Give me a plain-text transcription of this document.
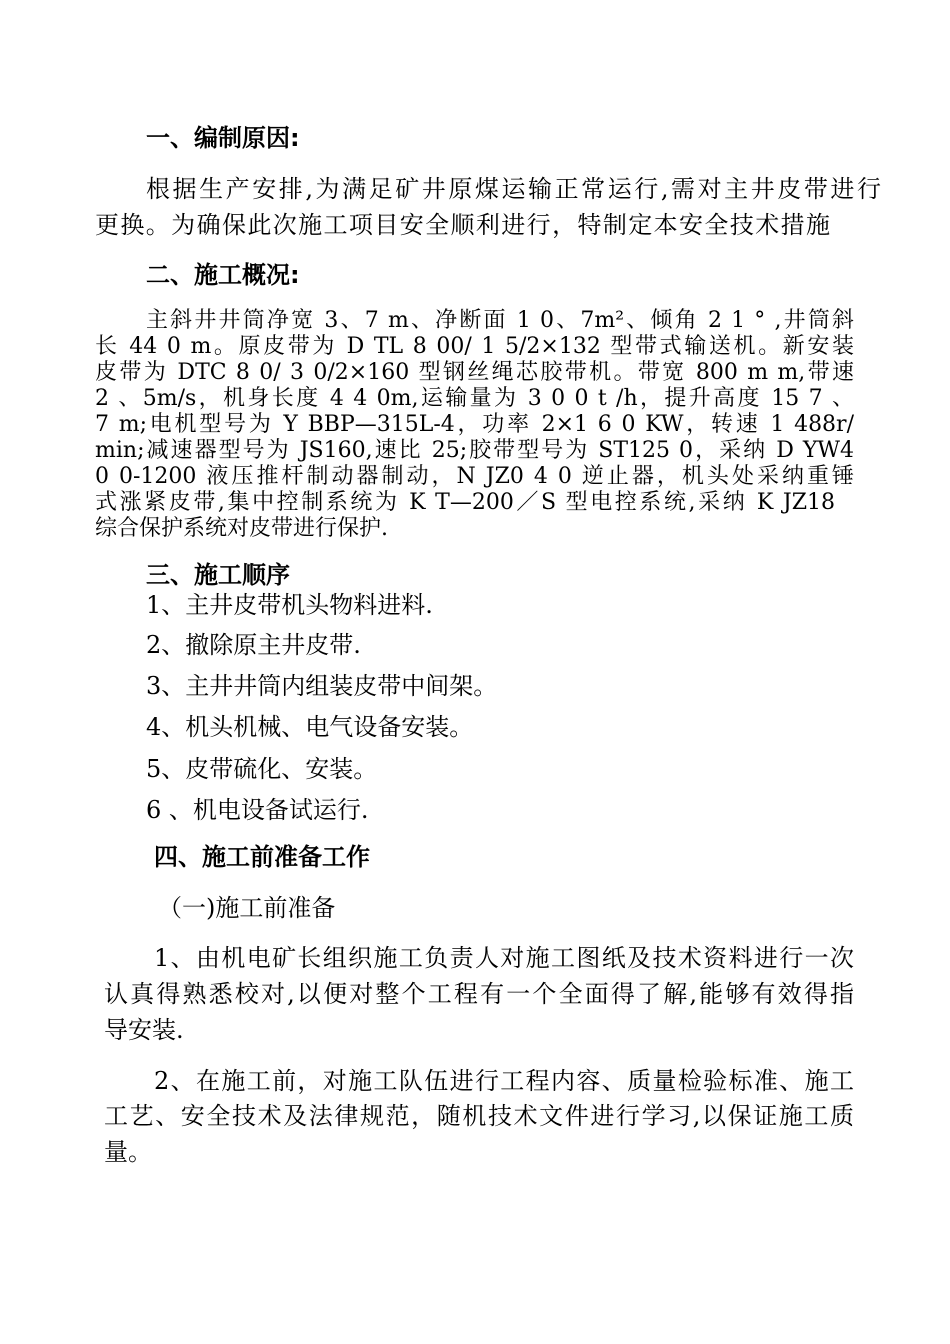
一、编制原因:
根据生产安排,为满足矿井原煤运输正常运行,需对主井皮带进行
更换。为确保此次施工项目安全顺利进行，特制定本安全技术措施
二、施工概况:
主斜井井筒净宽 3、7 m、净断面 1 0、7m²、倾角 2 1 ° ,井筒斜
长 44 0 m。原皮带为 D TL 8 00/ 1 5/2×132 型带式输送机。新安装
皮带为 DTC 8 0/ 3 0/2×160 型钢丝绳芯胶带机。带宽 800 m m,带速
2 、5m/s，机身长度 4 4 0m,运输量为 3 0 0 t /h，提升高度 15 7 、
7 m;电机型号为 Y BBP—315L-4，功率 2×1 6 0 KW，转速 1 488r/
min;减速器型号为 JS160,速比 25;胶带型号为 ST125 0，采纳 D YW4
0 0-1200 液压推杆制动器制动，N JZ0 4 0 逆止器，机头处采纳重锤
式涨紧皮带,集中控制系统为 K T—200／S 型电控系统,采纳 K JZ18
综合保护系统对皮带进行保护.
三、施工顺序
1、主井皮带机头物料进料.
2、撤除原主井皮带.
3、主井井筒内组装皮带中间架。
4、机头机械、电气设备安装。
5、皮带硫化、安装。
6 、机电设备试运行.
四、施工前准备工作
（一)施工前准备
1、由机电矿长组织施工负责人对施工图纸及技术资料进行一次
认真得熟悉校对,以便对整个工程有一个全面得了解,能够有效得指
导安装.
2、在施工前，对施工队伍进行工程内容、质量检验标准、施工
工艺、安全技术及法律规范，随机技术文件进行学习,以保证施工质
量。
